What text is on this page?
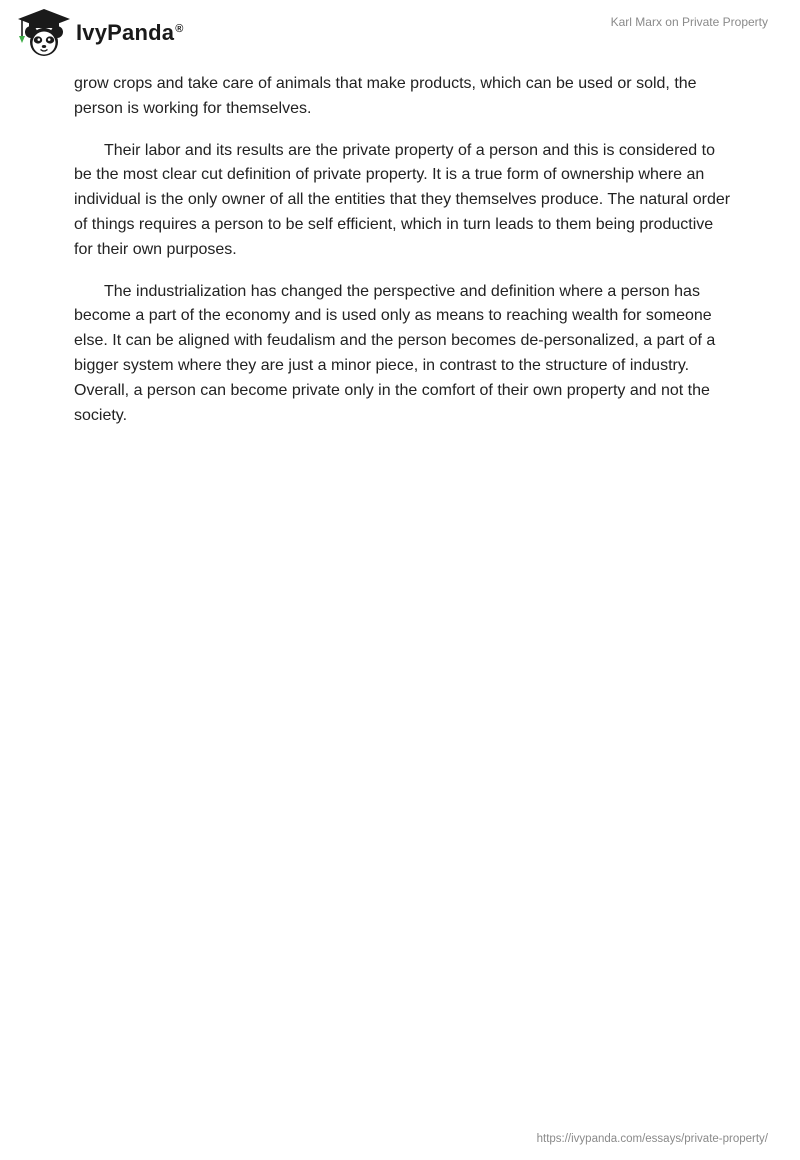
IvyPanda®	Karl Marx on Private Property

grow crops and take care of animals that make products, which can be used or sold, the person is working for themselves.

Their labor and its results are the private property of a person and this is considered to be the most clear cut definition of private property. It is a true form of ownership where an individual is the only owner of all the entities that they themselves produce. The natural order of things requires a person to be self efficient, which in turn leads to them being productive for their own purposes.

The industrialization has changed the perspective and definition where a person has become a part of the economy and is used only as means to reaching wealth for someone else. It can be aligned with feudalism and the person becomes de-personalized, a part of a bigger system where they are just a minor piece, in contrast to the structure of industry. Overall, a person can become private only in the comfort of their own property and not the society.

https://ivypanda.com/essays/private-property/
